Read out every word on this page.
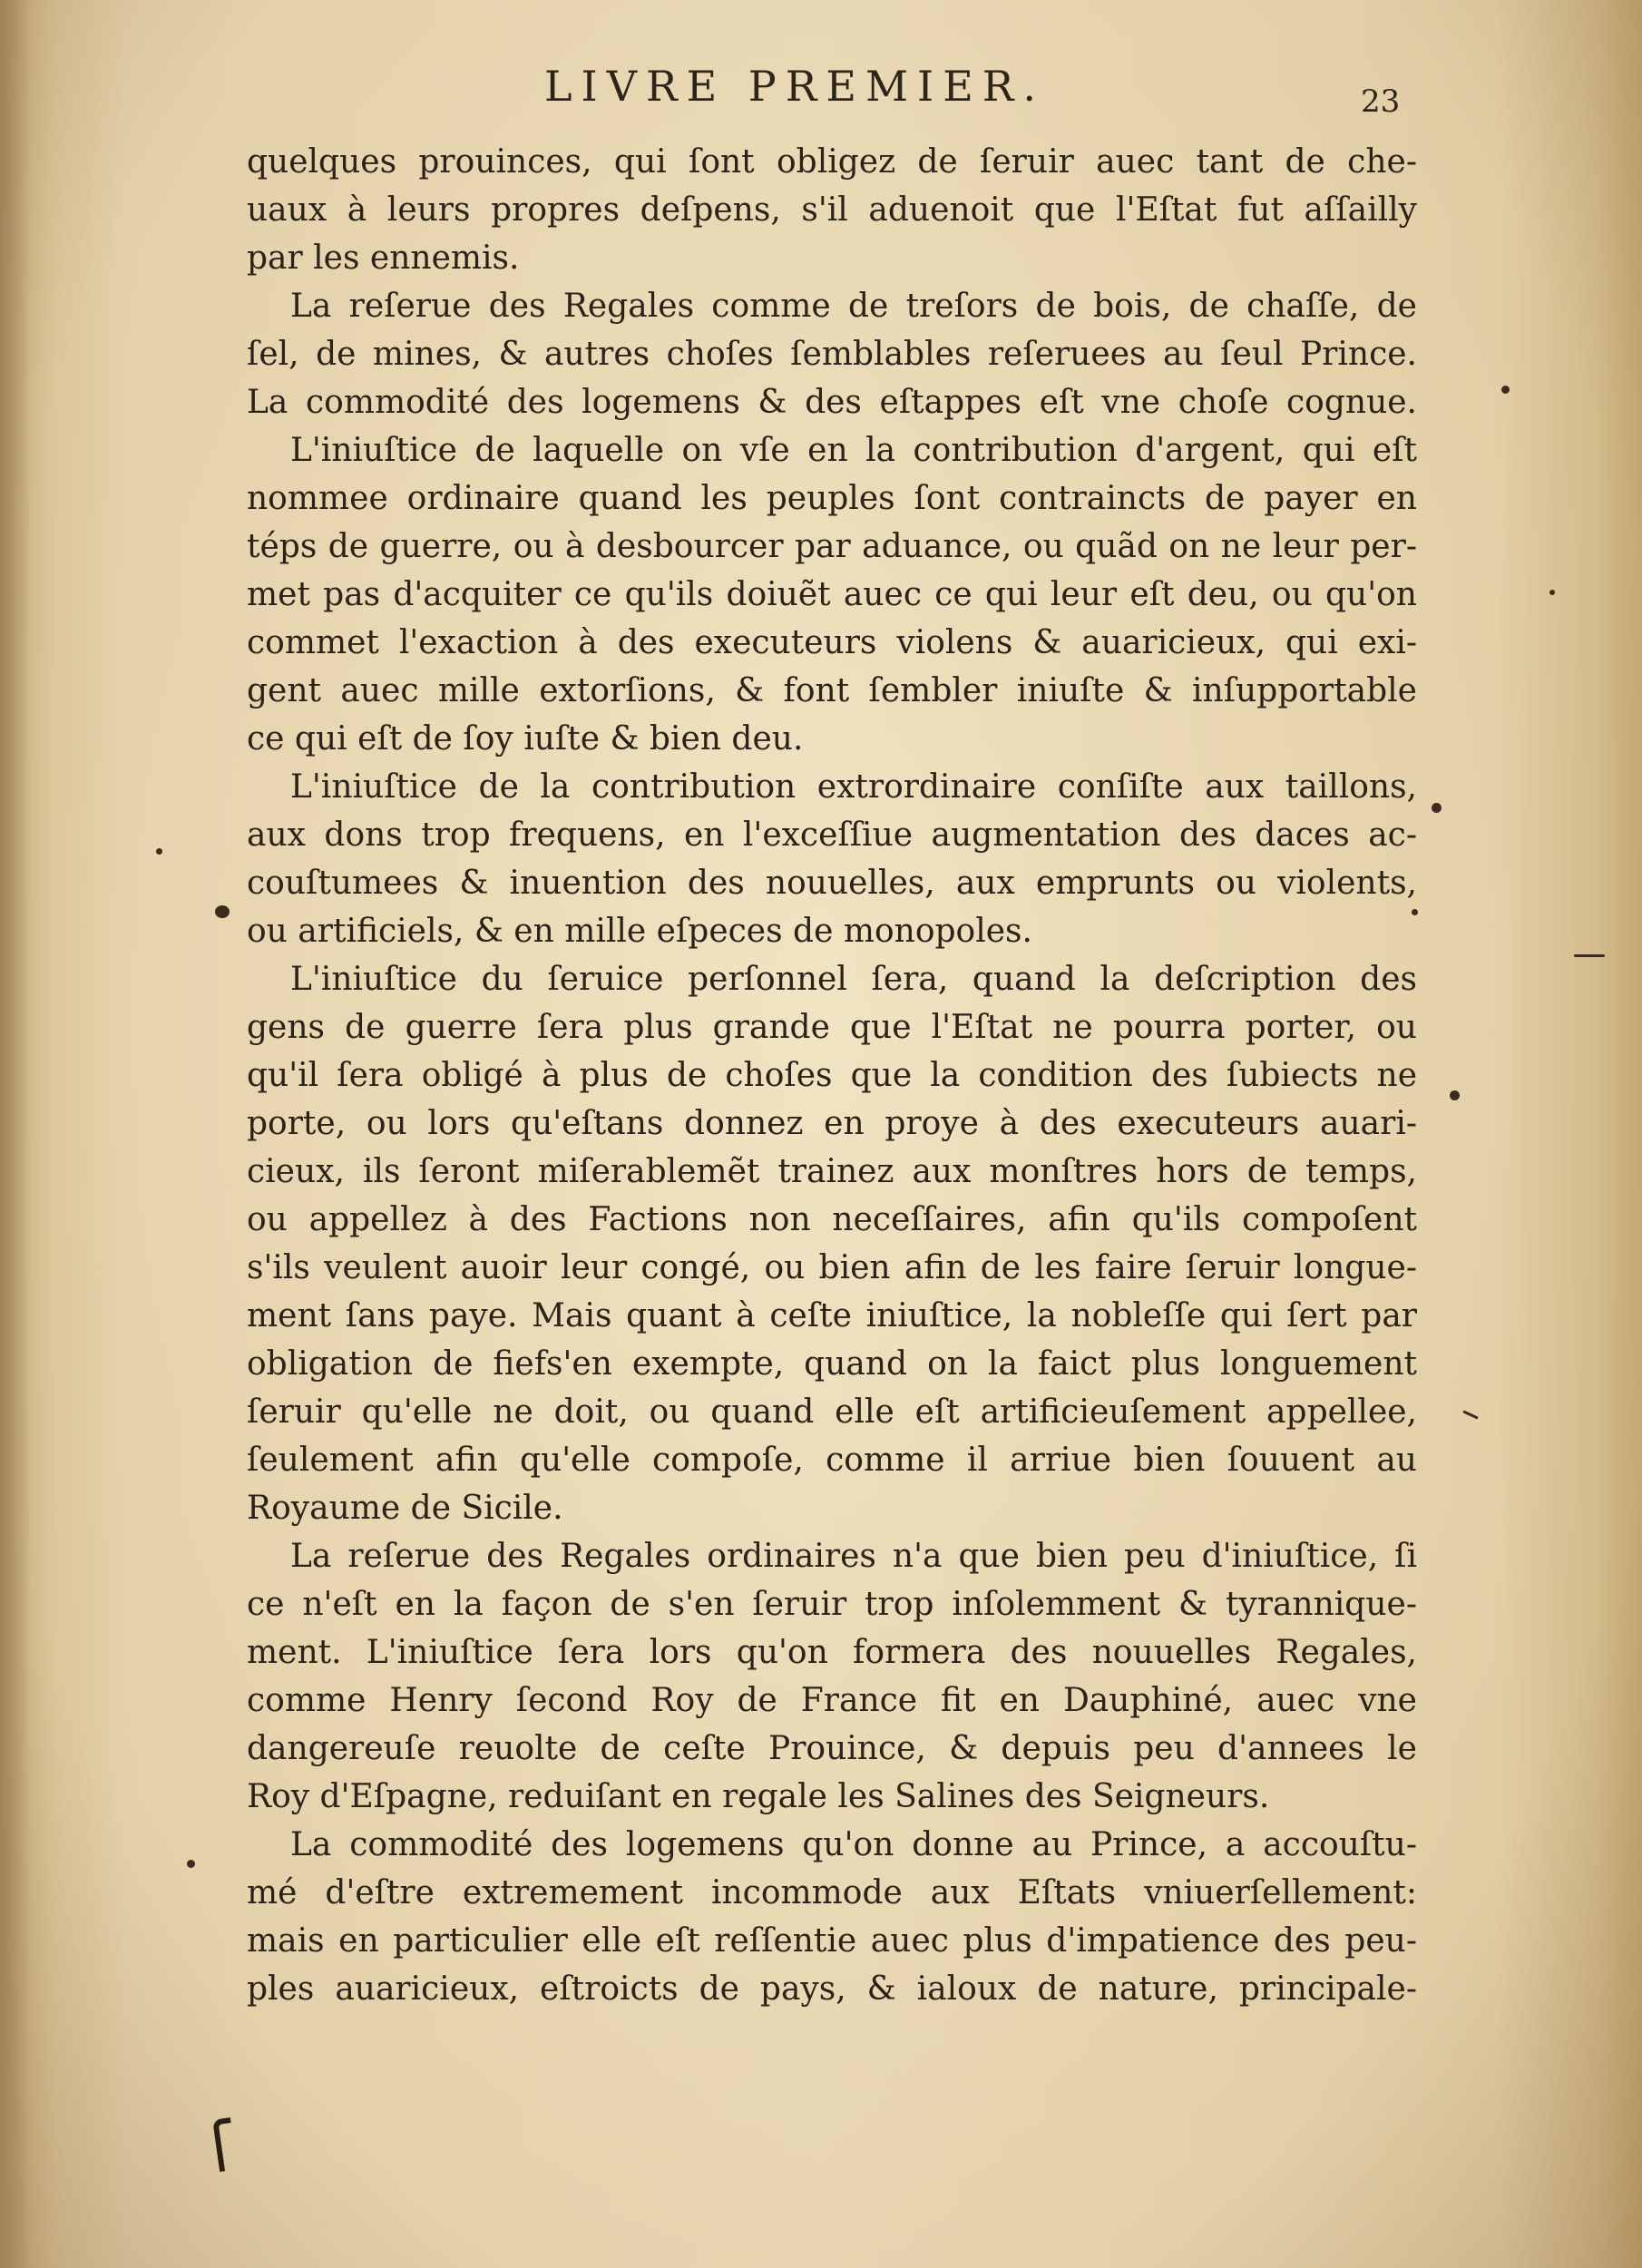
LIVRE PREMIER.	23
quelques prouinces, qui ſont obligez de ſeruir auec tant de che-
uaux à leurs propres deſpens, s'il aduenoit que l'Eſtat fut aſſailly
par les ennemis.
La reſerue des Regales comme de treſors de bois, de chaſſe, de
ſel, de mines, & autres choſes ſemblables reſeruees au ſeul Prince.
La commodité des logemens & des eſtappes eſt vne choſe cognue.
L'iniuſtice de laquelle on vſe en la contribution d'argent, qui eſt
nommee ordinaire quand les peuples ſont contraincts de payer en
téps de guerre, ou à desbourcer par aduance, ou quãd on ne leur per-
met pas d'acquiter ce qu'ils doiuẽt auec ce qui leur eſt deu, ou qu'on
commet l'exaction à des executeurs violens & auaricieux, qui exi-
gent auec mille extorſions, & font ſembler iniuſte & inſupportable
ce qui eſt de ſoy iuſte & bien deu.
L'iniuſtice de la contribution extrordinaire conſiſte aux taillons,
aux dons trop frequens, en l'exceſſiue augmentation des daces ac-
couſtumees & inuention des nouuelles, aux emprunts ou violents,
ou artificiels, & en mille eſpeces de monopoles.
L'iniuſtice du ſeruice perſonnel ſera, quand la deſcription des
gens de guerre ſera plus grande que l'Eſtat ne pourra porter, ou
qu'il ſera obligé à plus de choſes que la condition des ſubiects ne
porte, ou lors qu'eſtans donnez en proye à des executeurs auari-
cieux, ils ſeront miſerablemẽt trainez aux monſtres hors de temps,
ou appellez à des Factions non neceſſaires, afin qu'ils compoſent
s'ils veulent auoir leur congé, ou bien afin de les faire ſeruir longue-
ment ſans paye. Mais quant à ceſte iniuſtice, la nobleſſe qui ſert par
obligation de fiefs'en exempte, quand on la faict plus longuement
ſeruir qu'elle ne doit, ou quand elle eſt artificieuſement appellee,
ſeulement afin qu'elle compoſe, comme il arriue bien ſouuent au
Royaume de Sicile.
La reſerue des Regales ordinaires n'a que bien peu d'iniuſtice, ſi
ce n'eſt en la façon de s'en ſeruir trop inſolemment & tyrannique-
ment. L'iniuſtice ſera lors qu'on formera des nouuelles Regales,
comme Henry ſecond Roy de France fit en Dauphiné, auec vne
dangereuſe reuolte de ceſte Prouince, & depuis peu d'annees le
Roy d'Eſpagne, reduiſant en regale les Salines des Seigneurs.
La commodité des logemens qu'on donne au Prince, a accouſtu-
mé d'eſtre extremement incommode aux Eſtats vniuerſellement:
mais en particulier elle eſt reſſentie auec plus d'impatience des peu-
ples auaricieux, eſtroicts de pays, & ialoux de nature, principale-
